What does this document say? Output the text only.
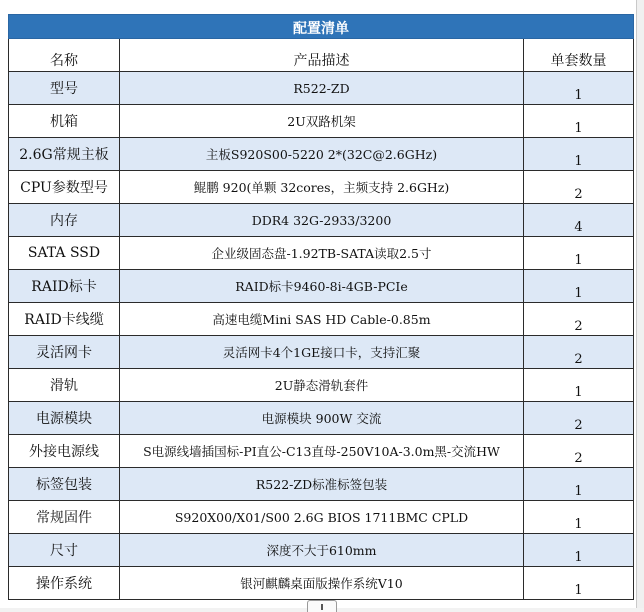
配置清单		
名称	产品描述	单套数量
型号	R522-ZD	1
机箱	2U双路机架	1
2.6G常规主板	主板S920S00-5220 2*(32C@2.6GHz)	1
CPU参数型号	鲲鹏 920(单颗 32cores，主频支持 2.6GHz)	2
内存	DDR4 32G-2933/3200	4
SATA SSD	企业级固态盘-1.92TB-SATA读取2.5寸	1
RAID标卡	RAID标卡9460-8i-4GB-PCIe	1
RAID卡线缆	高速电缆Mini SAS HD Cable-0.85m	2
灵活网卡	灵活网卡4个1GE接口卡，支持汇聚	2
滑轨	2U静态滑轨套件	1
电源模块	电源模块 900W 交流	2
外接电源线	S电源线墙插国标-PI直公-C13直母-250V10A-3.0m黑-交流HW	2
标签包装	R522-ZD标准标签包装	1
常规固件	S920X00/X01/S00 2.6G BIOS 1711BMC CPLD	1
尺寸	深度不大于610mm	1
操作系统	银河麒麟桌面版操作系统V10	1
